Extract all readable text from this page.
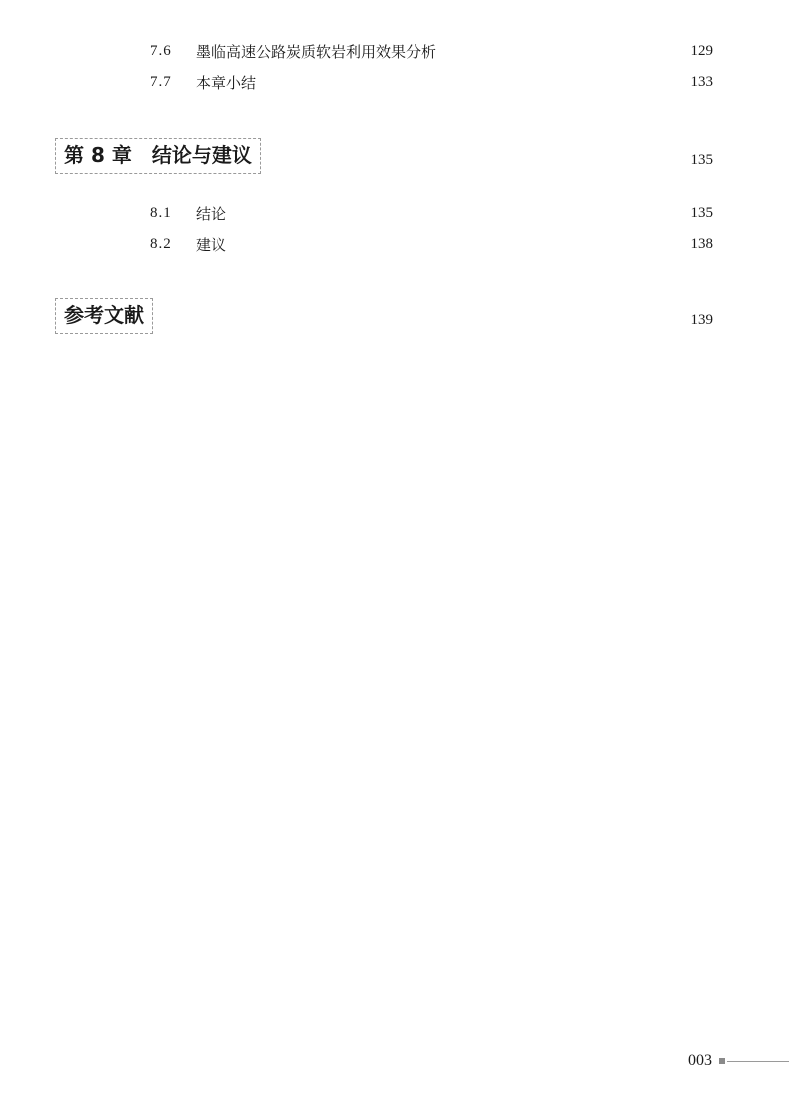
7.6	墨临高速公路炭质软岩利用效果分析	129
7.7	本章小结	133
第 8 章 结论与建议	135
8.1	结论	135
8.2	建议	138
参考文献	139
003
